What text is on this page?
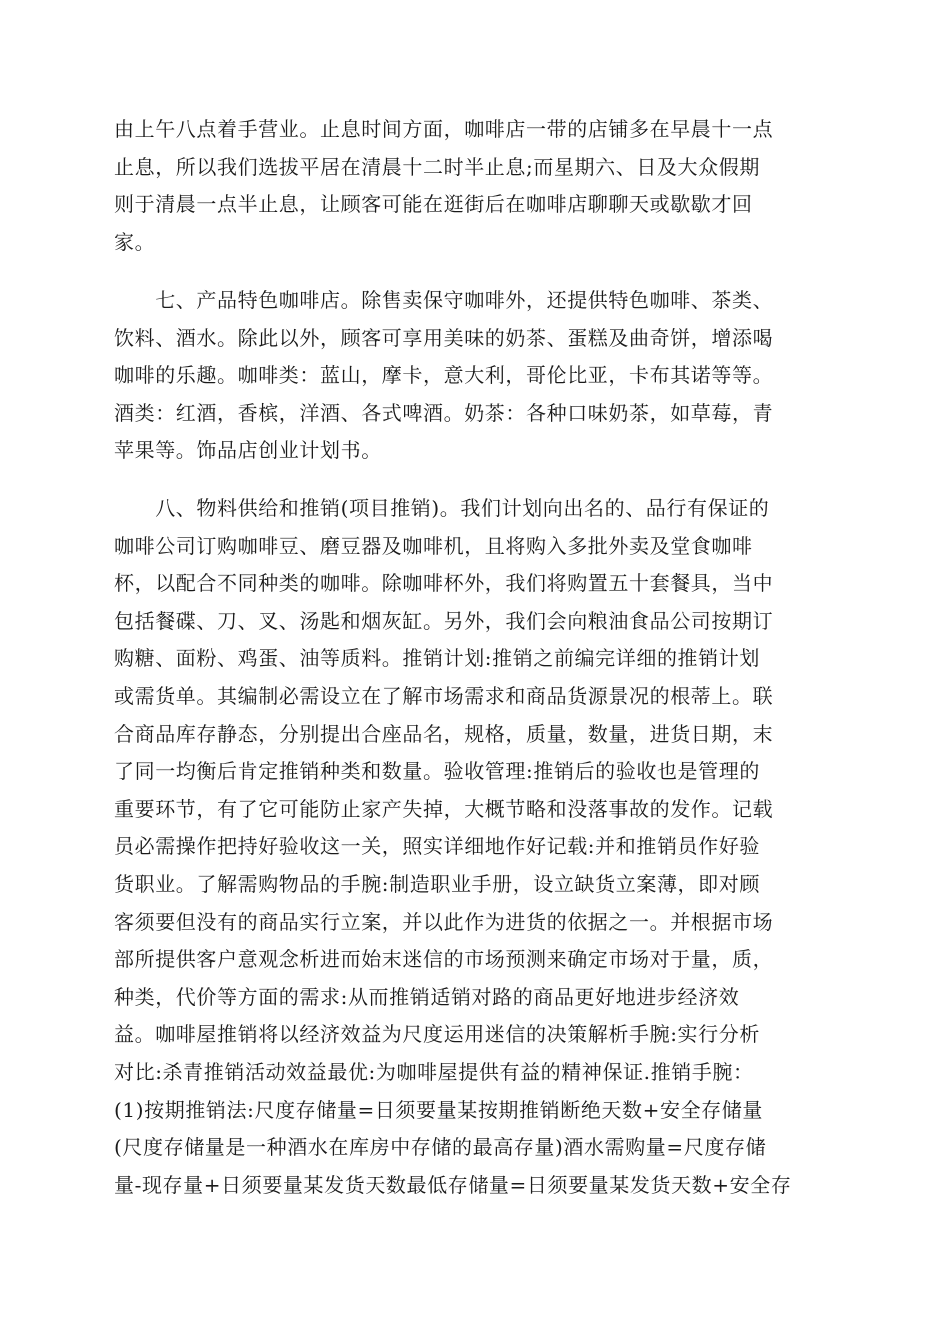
由上午八点着手营业。止息时间方面，咖啡店一带的店铺多在早晨十一点
止息，所以我们选拔平居在清晨十二时半止息;而星期六、日及大众假期
则于清晨一点半止息，让顾客可能在逛街后在咖啡店聊聊天或歇歇才回
家。
　　七、产品特色咖啡店。除售卖保守咖啡外，还提供特色咖啡、茶类、
饮料、酒水。除此以外，顾客可享用美味的奶茶、蛋糕及曲奇饼，增添喝
咖啡的乐趣。咖啡类：蓝山，摩卡，意大利，哥伦比亚，卡布其诺等等。
酒类：红酒，香槟，洋酒、各式啤酒。奶茶：各种口味奶茶，如草莓，青
苹果等。饰品店创业计划书。
　　八、物料供给和推销(项目推销)。我们计划向出名的、品行有保证的
咖啡公司订购咖啡豆、磨豆器及咖啡机，且将购入多批外卖及堂食咖啡
杯，以配合不同种类的咖啡。除咖啡杯外，我们将购置五十套餐具，当中
包括餐碟、刀、叉、汤匙和烟灰缸。另外，我们会向粮油食品公司按期订
购糖、面粉、鸡蛋、油等质料。推销计划:推销之前编完详细的推销计划
或需货单。其编制必需设立在了解市场需求和商品货源景况的根蒂上。联
合商品库存静态，分别提出合座品名，规格，质量，数量，进货日期，末
了同一均衡后肯定推销种类和数量。验收管理:推销后的验收也是管理的
重要环节，有了它可能防止家产失掉，大概节略和没落事故的发作。记载
员必需操作把持好验收这一关，照实详细地作好记载:并和推销员作好验
货职业。了解需购物品的手腕:制造职业手册，设立缺货立案薄，即对顾
客须要但没有的商品实行立案，并以此作为进货的依据之一。并根据市场
部所提供客户意观念析进而始末迷信的市场预测来确定市场对于量，质，
种类，代价等方面的需求:从而推销适销对路的商品更好地进步经济效
益。咖啡屋推销将以经济效益为尺度运用迷信的决策解析手腕:实行分析
对比:杀青推销活动效益最优:为咖啡屋提供有益的精神保证.推销手腕：
(1)按期推销法:尺度存储量=日须要量某按期推销断绝天数+安全存储量
(尺度存储量是一种酒水在库房中存储的最高存量)酒水需购量=尺度存储
量-现存量+日须要量某发货天数最低存储量=日须要量某发货天数+安全存
